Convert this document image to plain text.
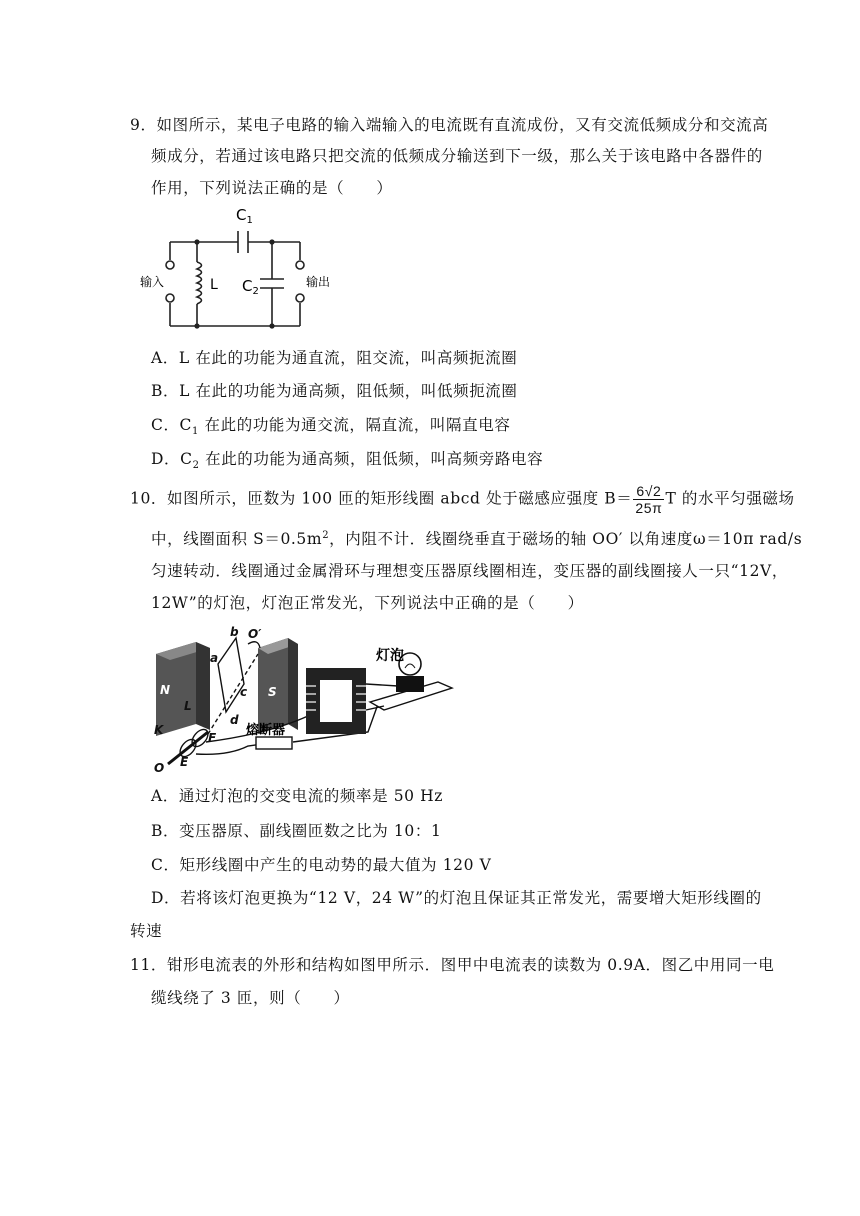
9．如图所示，某电子电路的输入端输入的电流既有直流成份，又有交流低频成分和交流高
频成分，若通过该电路只把交流的低频成分输送到下一级，那么关于该电路中各器件的
作用，下列说法正确的是（　　）
$C_1$
$C_2$
L
输入	输出
A．L 在此的功能为通直流，阻交流，叫高频扼流圈
B．L 在此的功能为通高频，阻低频，叫低频扼流圈
C．$C_1$ 在此的功能为通交流，隔直流，叫隔直电容
D．$C_2$ 在此的功能为通高频，阻低频，叫高频旁路电容
10．如图所示，匝数为 100 匝的矩形线圈 abcd 处于磁感应强度 $B= \frac{6√2}{25\pi}$ T 的水平匀强磁场
中，线圈面积 $S=0.5m^2$，内阻不计．线圈绕垂直于磁场的轴 OO′ 以角速度ω＝10π rad/s
匀速转动．线圈通过金属滑环与理想变压器原线圈相连，变压器的副线圈接人一只“12V，
12W”的灯泡，灯泡正常发光，下列说法中正确的是（　　）
b O′
a
N	S
c
d
L
K
F
E
O
灯泡
熔断器
A．通过灯泡的交变电流的频率是 50 Hz
B．变压器原、副线圈匝数之比为 10：1
C．矩形线圈中产生的电动势的最大值为 120 V
D．若将该灯泡更换为“12 V，24 W”的灯泡且保证其正常发光，需要增大矩形线圈的
转速
11．钳形电流表的外形和结构如图甲所示．图甲中电流表的读数为 0.9A．图乙中用同一电
缆线绕了 3 匝，则（　　）
